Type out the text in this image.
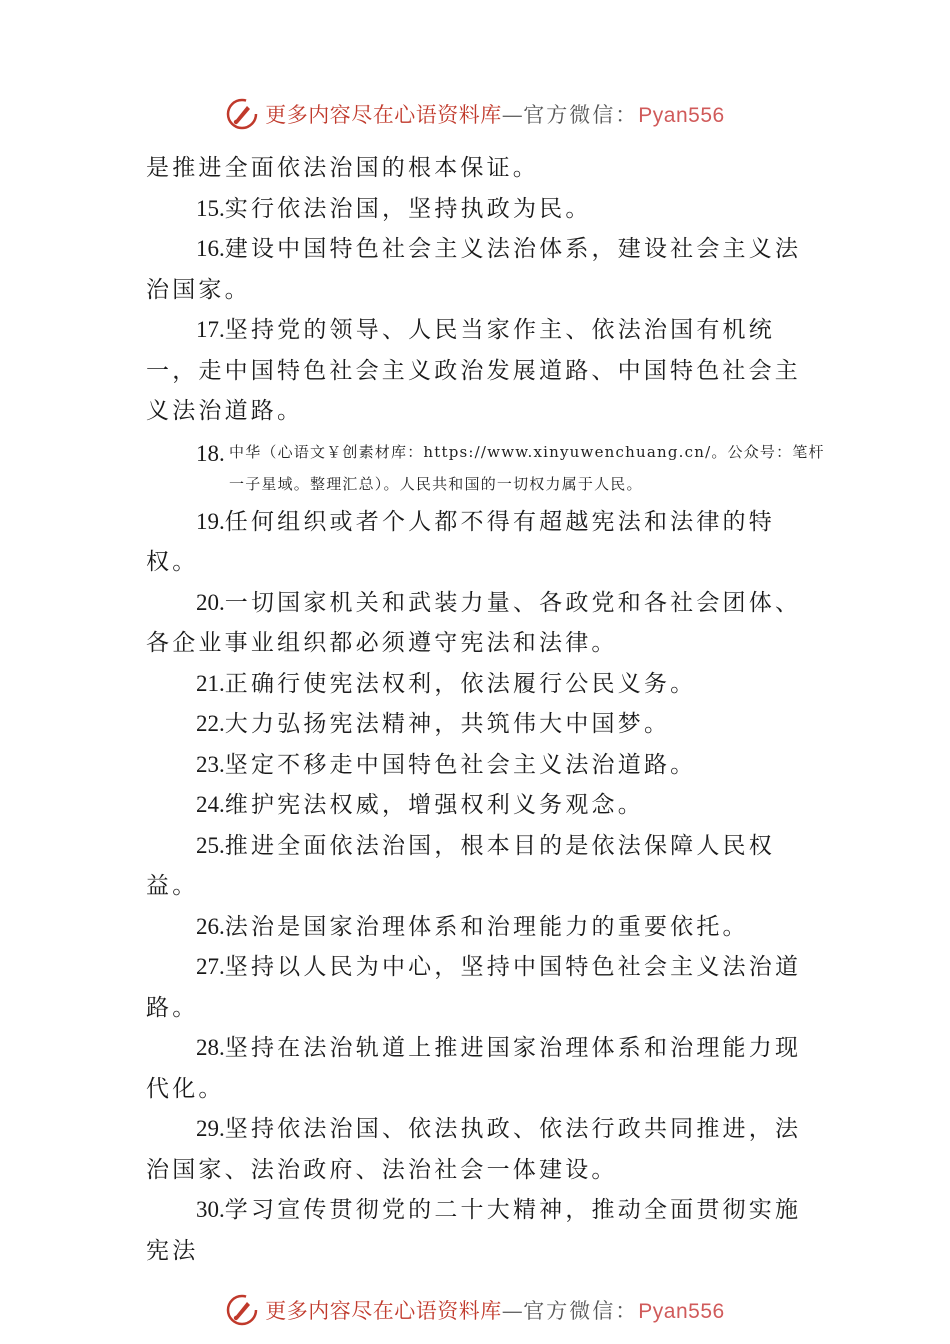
更多内容尽在心语资料库—官方微信：Pyan556

是推进全面依法治国的根本保证。

15.实行依法治国，坚持执政为民。

16.建设中国特色社会主义法治体系，建设社会主义法治国家。

17.坚持党的领导、人民当家作主、依法治国有机统一，走中国特色社会主义政治发展道路、中国特色社会主义法治道路。

18. 中华（心语文￥创素材库：https://www.xinyuwenchuang.cn/。公众号：笔杆一子星域。整理汇总）。人民共和国的一切权力属于人民。

19.任何组织或者个人都不得有超越宪法和法律的特权。

20.一切国家机关和武装力量、各政党和各社会团体、各企业事业组织都必须遵守宪法和法律。

21.正确行使宪法权利，依法履行公民义务。

22.大力弘扬宪法精神，共筑伟大中国梦。

23.坚定不移走中国特色社会主义法治道路。

24.维护宪法权威，增强权利义务观念。

25.推进全面依法治国，根本目的是依法保障人民权益。

26.法治是国家治理体系和治理能力的重要依托。

27.坚持以人民为中心，坚持中国特色社会主义法治道路。

28.坚持在法治轨道上推进国家治理体系和治理能力现代化。

29.坚持依法治国、依法执政、依法行政共同推进，法治国家、法治政府、法治社会一体建设。

30.学习宣传贯彻党的二十大精神，推动全面贯彻实施宪法

更多内容尽在心语资料库—官方微信：Pyan556
